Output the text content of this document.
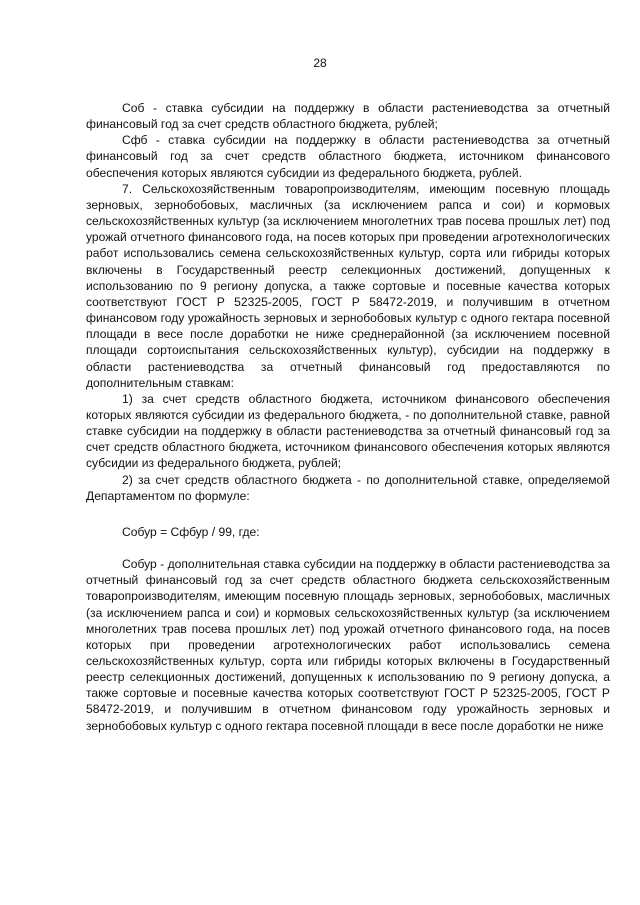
28

Соб - ставка субсидии на поддержку в области растениеводства за отчетный финансовый год за счет средств областного бюджета, рублей;

Сфб - ставка субсидии на поддержку в области растениеводства за отчетный финансовый год за счет средств областного бюджета, источником финансового обеспечения которых являются субсидии из федерального бюджета, рублей.

7. Сельскохозяйственным товаропроизводителям, имеющим посевную площадь зерновых, зернобобовых, масличных (за исключением рапса и сои) и кормовых сельскохозяйственных культур (за исключением многолетних трав посева прошлых лет) под урожай отчетного финансового года, на посев которых при проведении агротехнологических работ использовались семена сельскохозяйственных культур, сорта или гибриды которых включены в Государственный реестр селекционных достижений, допущенных к использованию по 9 региону допуска, а также сортовые и посевные качества которых соответствуют ГОСТ Р 52325-2005, ГОСТ Р 58472-2019, и получившим в отчетном финансовом году урожайность зерновых и зернобобовых культур с одного гектара посевной площади в весе после доработки не ниже среднерайонной (за исключением посевной площади сортоиспытания сельскохозяйственных культур), субсидии на поддержку в области растениеводства за отчетный финансовый год предоставляются по дополнительным ставкам:

1) за счет средств областного бюджета, источником финансового обеспечения которых являются субсидии из федерального бюджета, - по дополнительной ставке, равной ставке субсидии на поддержку в области растениеводства за отчетный финансовый год за счет средств областного бюджета, источником финансового обеспечения которых являются субсидии из федерального бюджета, рублей;

2) за счет средств областного бюджета - по дополнительной ставке, определяемой Департаментом по формуле:

Собур = Сфбур / 99, где:

Собур - дополнительная ставка субсидии на поддержку в области растениеводства за отчетный финансовый год за счет средств областного бюджета сельскохозяйственным товаропроизводителям, имеющим посевную площадь зерновых, зернобобовых, масличных (за исключением рапса и сои) и кормовых сельскохозяйственных культур (за исключением многолетних трав посева прошлых лет) под урожай отчетного финансового года, на посев которых при проведении агротехнологических работ использовались семена сельскохозяйственных культур, сорта или гибриды которых включены в Государственный реестр селекционных достижений, допущенных к использованию по 9 региону допуска, а также сортовые и посевные качества которых соответствуют ГОСТ Р 52325-2005, ГОСТ Р 58472-2019, и получившим в отчетном финансовом году урожайность зерновых и зернобобовых культур с одного гектара посевной площади в весе после доработки не ниже
